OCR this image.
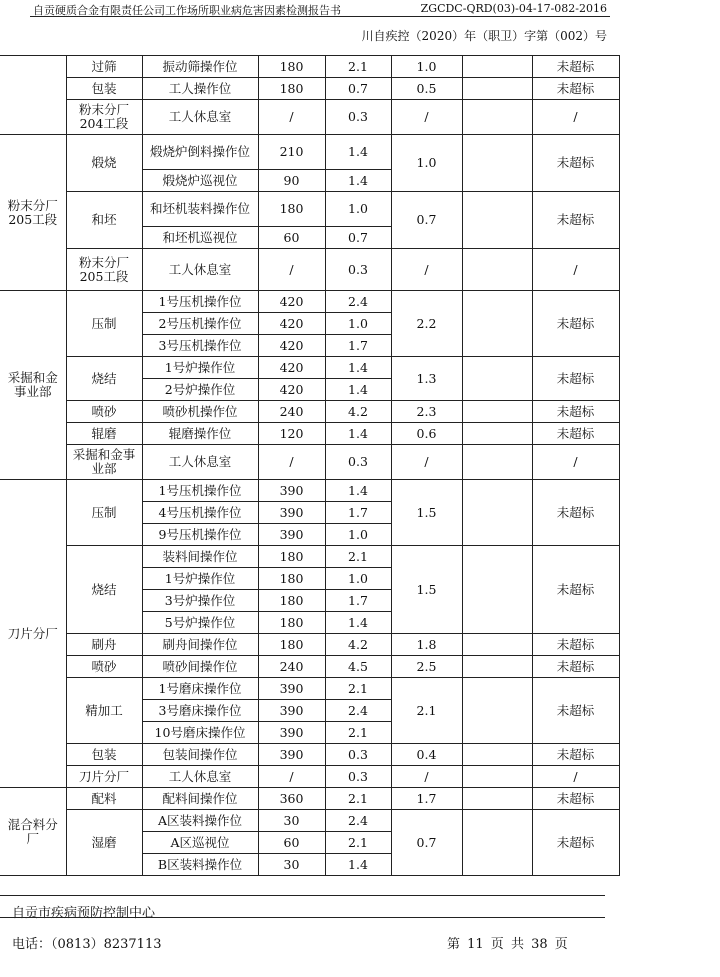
自贡硬质合金有限责任公司工作场所职业病危害因素检测报告书	ZGCDC-QRD(03)-04-17-082-2016
川自疾控（2020）年（职卫）字第（002）号
	过筛	振动筛操作位	180	2.1	1.0		未超标
	包装	工人操作位	180	0.7	0.5		未超标
	粉末分厂204工段	工人休息室	/	0.3	/		/
粉末分厂205工段	煅烧	煅烧炉倒料操作位	210	1.4	1.0		未超标
		煅烧炉巡视位	90	1.4			
	和坯	和坯机装料操作位	180	1.0	0.7		未超标
		和坯机巡视位	60	0.7			
	粉末分厂205工段	工人休息室	/	0.3	/		/
采掘和金事业部	压制	1号压机操作位	420	2.4	2.2		未超标
		2号压机操作位	420	1.0			
		3号压机操作位	420	1.7			
	烧结	1号炉操作位	420	1.4	1.3		未超标
		2号炉操作位	420	1.4			
	喷砂	喷砂机操作位	240	4.2	2.3		未超标
	辊磨	辊磨操作位	120	1.4	0.6		未超标
	采掘和金事业部	工人休息室	/	0.3	/		/
刀片分厂	压制	1号压机操作位	390	1.4	1.5		未超标
		4号压机操作位	390	1.7			
		9号压机操作位	390	1.0			
	烧结	装料间操作位	180	2.1	1.5		未超标
		1号炉操作位	180	1.0			
		3号炉操作位	180	1.7			
		5号炉操作位	180	1.4			
	刷舟	刷舟间操作位	180	4.2	1.8		未超标
	喷砂	喷砂间操作位	240	4.5	2.5		未超标
	精加工	1号磨床操作位	390	2.1	2.1		未超标
		3号磨床操作位	390	2.4			
		10号磨床操作位	390	2.1			
	包装	包装间操作位	390	0.3	0.4		未超标
	刀片分厂	工人休息室	/	0.3	/		/
混合料分厂	配料	配料间操作位	360	2.1	1.7		未超标
	湿磨	A区装料操作位	30	2.4	0.7		未超标
		A区巡视位	60	2.1			
		B区装料操作位	30	1.4			
自贡市疾病预防控制中心
电话：（0813）8237113	第 11 页 共 38 页
